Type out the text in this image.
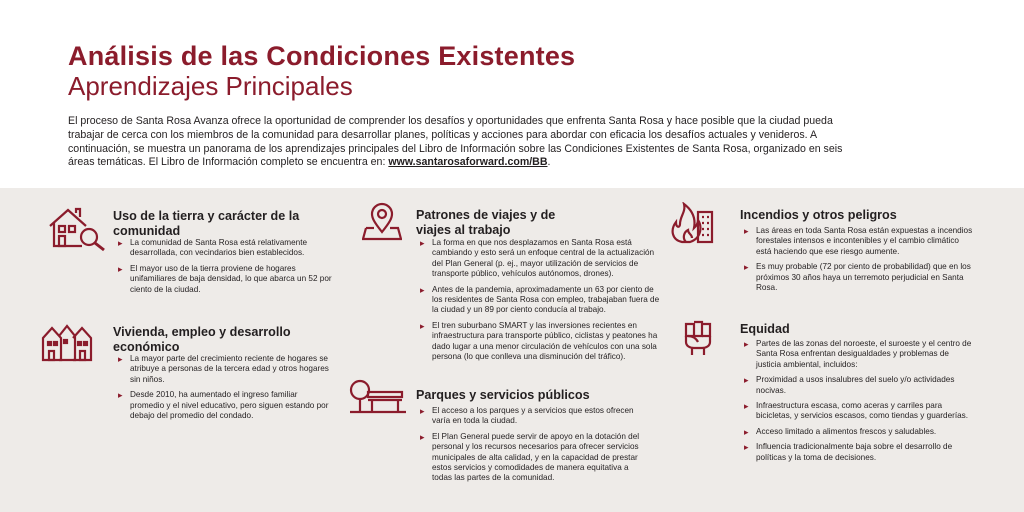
Análisis de las Condiciones Existentes
Aprendizajes Principales
El proceso de Santa Rosa Avanza ofrece la oportunidad de comprender los desafíos y oportunidades que enfrenta Santa Rosa y hace posible que la ciudad pueda trabajar de cerca con los miembros de la comunidad para desarrollar planes, políticas y acciones para abordar con eficacia los desafíos actuales y venideros. A continuación, se muestra un panorama de los aprendizajes principales del Libro de Información sobre las Condiciones Existentes de Santa Rosa, organizado en seis áreas temáticas. El Libro de Información completo se encuentra en: www.santarosaforward.com/BB.
Uso de la tierra y carácter de la comunidad
▸ La comunidad de Santa Rosa está relativamente desarrollada, con vecindarios bien establecidos.
▸ El mayor uso de la tierra proviene de hogares unifamiliares de baja densidad, lo que abarca un 52 por ciento de la ciudad.
Vivienda, empleo y desarrollo económico
▸ La mayor parte del crecimiento reciente de hogares se atribuye a personas de la tercera edad y otros hogares sin niños.
▸ Desde 2010, ha aumentado el ingreso familiar promedio y el nivel educativo, pero siguen estando por debajo del promedio del condado.
Patrones de viajes y de viajes al trabajo
▸ La forma en que nos desplazamos en Santa Rosa está cambiando y esto será un enfoque central de la actualización del Plan General (p. ej., mayor utilización de servicios de transporte público, vehículos autónomos, drones).
▸ Antes de la pandemia, aproximadamente un 63 por ciento de los residentes de Santa Rosa con empleo, trabajaban fuera de la ciudad y un 89 por ciento conducía al trabajo.
▸ El tren suburbano SMART y las inversiones recientes en infraestructura para transporte público, ciclistas y peatones ha dado lugar a una menor circulación de vehículos con una sola persona (lo que conlleva una disminución del tráfico).
Parques y servicios públicos
▸ El acceso a los parques y a servicios que estos ofrecen varía en toda la ciudad.
▸ El Plan General puede servir de apoyo en la dotación del personal y los recursos necesarios para ofrecer servicios municipales de alta calidad, y en la capacidad de prestar estos servicios y comodidades de manera equitativa a todas las partes de la comunidad.
Incendios y otros peligros
▸ Las áreas en toda Santa Rosa están expuestas a incendios forestales intensos e incontenibles y el cambio climático está haciendo que ese riesgo aumente.
▸ Es muy probable (72 por ciento de probabilidad) que en los próximos 30 años haya un terremoto perjudicial en Santa Rosa.
Equidad
▸ Partes de las zonas del noroeste, el suroeste y el centro de Santa Rosa enfrentan desigualdades y problemas de justicia ambiental, incluidos:
▸ Proximidad a usos insalubres del suelo y/o actividades nocivas.
▸ Infraestructura escasa, como aceras y carriles para bicicletas, y servicios escasos, como tiendas y guarderías.
▸ Acceso limitado a alimentos frescos y saludables.
▸ Influencia tradicionalmente baja sobre el desarrollo de políticas y la toma de decisiones.
